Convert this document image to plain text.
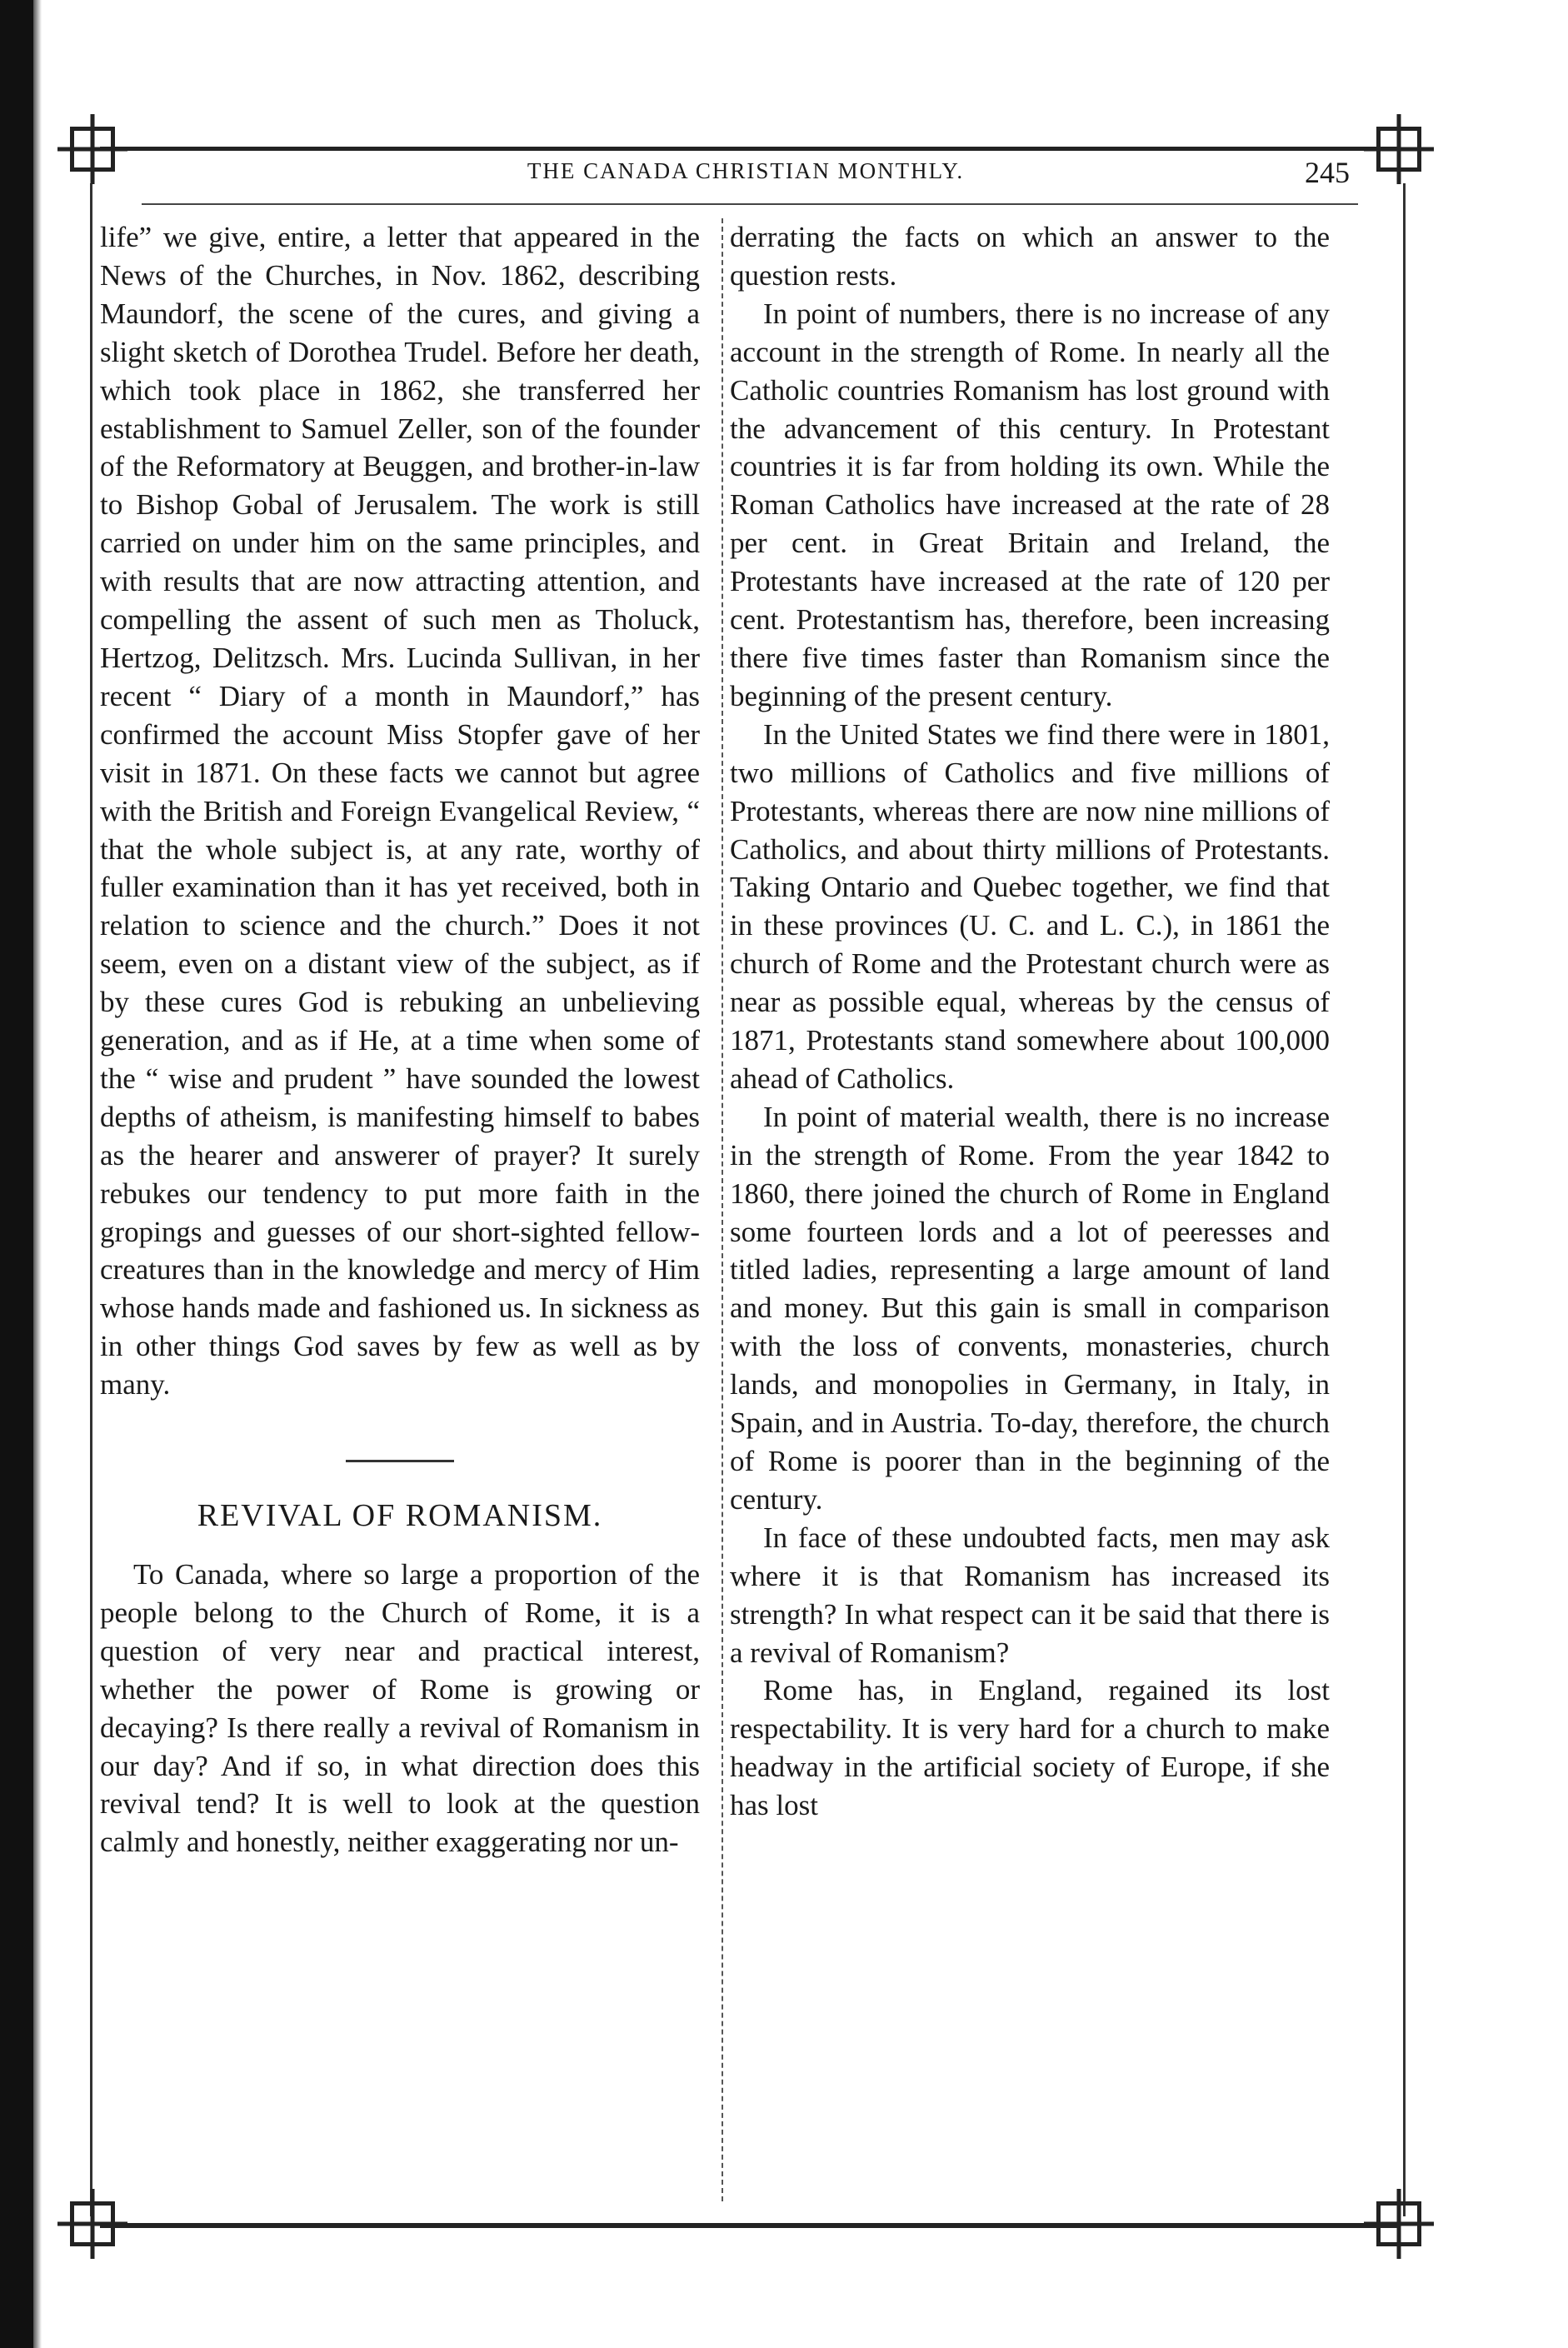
THE CANADA CHRISTIAN MONTHLY.	245

life” we give, entire, a letter that appeared in the News of the Churches, in Nov. 1862, describing Maundorf, the scene of the cures, and giving a slight sketch of Dorothea Trudel. Before her death, which took place in 1862, she transferred her establishment to Samuel Zeller, son of the founder of the Reformatory at Beuggen, and brother-in-law to Bishop Gobal of Jerusalem. The work is still carried on under him on the same principles, and with results that are now attracting attention, and compelling the assent of such men as Tholuck, Hertzog, Delitzsch. Mrs. Lucinda Sullivan, in her recent “ Diary of a month in Maundorf,” has confirmed the account Miss Stopfer gave of her visit in 1871. On these facts we cannot but agree with the British and Foreign Evangelical Review, “ that the whole subject is, at any rate, worthy of fuller examination than it has yet received, both in relation to science and the church.” Does it not seem, even on a distant view of the subject, as if by these cures God is rebuking an unbelieving generation, and as if He, at a time when some of the “ wise and prudent ” have sounded the lowest depths of atheism, is manifesting himself to babes as the hearer and answerer of prayer? It surely rebukes our tendency to put more faith in the gropings and guesses of our short-sighted fellow-creatures than in the knowledge and mercy of Him whose hands made and fashioned us. In sickness as in other things God saves by few as well as by many.

REVIVAL OF ROMANISM.

To Canada, where so large a proportion of the people belong to the Church of Rome, it is a question of very near and practical interest, whether the power of Rome is growing or decaying? Is there really a revival of Romanism in our day? And if so, in what direction does this revival tend? It is well to look at the question calmly and honestly, neither exaggerating nor un-

derrating the facts on which an answer to the question rests.

In point of numbers, there is no increase of any account in the strength of Rome. In nearly all the Catholic countries Romanism has lost ground with the advancement of this century. In Protestant countries it is far from holding its own. While the Roman Catholics have increased at the rate of 28 per cent. in Great Britain and Ireland, the Protestants have increased at the rate of 120 per cent. Protestantism has, therefore, been increasing there five times faster than Romanism since the beginning of the present century.

In the United States we find there were in 1801, two millions of Catholics and five millions of Protestants, whereas there are now nine millions of Catholics, and about thirty millions of Protestants. Taking Ontario and Quebec together, we find that in these provinces (U. C. and L. C.), in 1861 the church of Rome and the Protestant church were as near as possible equal, whereas by the census of 1871, Protestants stand somewhere about 100,000 ahead of Catholics.

In point of material wealth, there is no increase in the strength of Rome. From the year 1842 to 1860, there joined the church of Rome in England some fourteen lords and a lot of peeresses and titled ladies, representing a large amount of land and money. But this gain is small in comparison with the loss of convents, monasteries, church lands, and monopolies in Germany, in Italy, in Spain, and in Austria. To-day, therefore, the church of Rome is poorer than in the beginning of the century.

In face of these undoubted facts, men may ask where it is that Romanism has increased its strength? In what respect can it be said that there is a revival of Romanism?

Rome has, in England, regained its lost respectability. It is very hard for a church to make headway in the artificial society of Europe, if she has lost
